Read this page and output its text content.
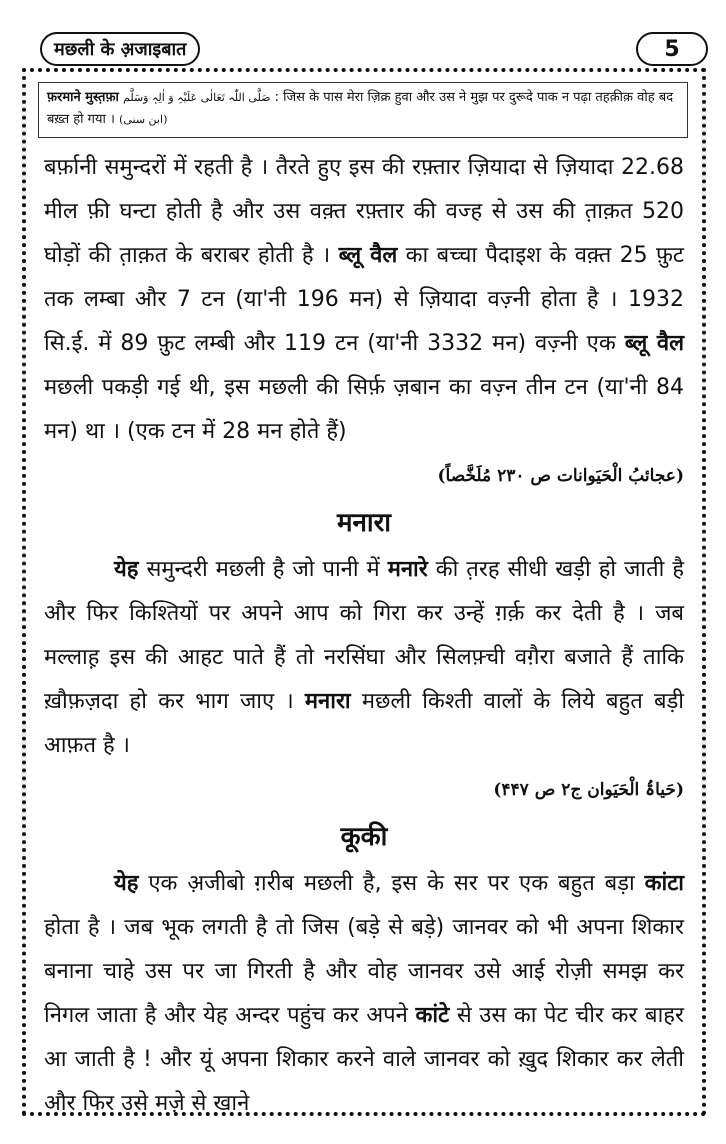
मछली के अ़जाइबात	5
फ़रमाने मुस्त़फ़ा صَلَّی اللّٰہ تَعَالٰی عَلَیْہِ وَ اٰلِہٖ وَسَلَّم : जिस के पास मेरा ज़िक्र हुवा और उस ने मुझ पर दुरूदे पाक न पढ़ा तहक़ीक़ वोह बद बख़्त हो गया । (ابن سنی)

बर्फ़ानी समुन्दरों में रहती है । तैरते हुए इस की रफ़्तार ज़ियादा से ज़ियादा 22.68 मील फ़ी घन्टा होती है और उस वक़्त रफ़्तार की वज्ह से उस की त़ाक़त 520 घोड़ों की त़ाक़त के बराबर होती है । ब्लू वैल का बच्चा पैदाइश के वक़्त 25 फ़ुट तक लम्बा और 7 टन (या'नी 196 मन) से ज़ियादा वज़्नी होता है । 1932 सि.ई. में 89 फ़ुट लम्बी और 119 टन (या'नी 3332 मन) वज़्नी एक ब्लू वैल मछली पकड़ी गई थी, इस मछली की सिर्फ़ ज़बान का वज़्न तीन टन (या'नी 84 मन) था । (एक टन में 28 मन होते हैं)

(عجائبُ الْحَیَوانات ص ۲۳۰ مُلَخَّصاً)
मनारा

येह समुन्दरी मछली है जो पानी में मनारे की त़रह सीधी खड़ी हो जाती है और फिर किश्तियों पर अपने आप को गिरा कर उन्हें ग़र्क़ कर देती है । जब मल्लाह़ इस की आहट पाते हैं तो नरसिंघा और सिलफ़्ची वग़ैरा बजाते हैं ताकि ख़ौफ़ज़दा हो कर भाग जाए । मनारा मछली किश्ती वालों के लिये बहुत बड़ी आफ़त है ।

(حَیاۃُ الْحَیَوان ج۲ ص ۴۴۷)
कूकी

येह एक अ़जीबो ग़रीब मछली है, इस के सर पर एक बहुत बड़ा कांटा होता है । जब भूक लगती है तो जिस (बड़े से बड़े) जानवर को भी अपना शिकार बनाना चाहे उस पर जा गिरती है और वोह जानवर उसे आई रोज़ी समझ कर निगल जाता है और येह अन्दर पहुंच कर अपने कांटे से उस का पेट चीर कर बाहर आ जाती है ! और यूं अपना शिकार करने वाले जानवर को ख़ुद शिकार कर लेती और फिर उसे मज़े से खाने
